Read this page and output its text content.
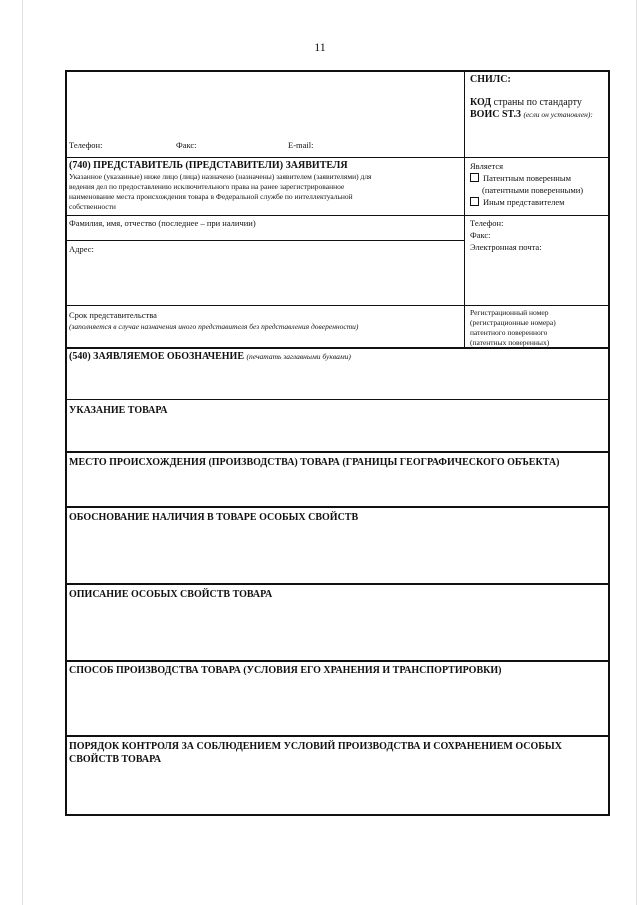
11
СНИЛС:
КОД страны по стандарту
ВОИС ST.3 (если он установлен):
Телефон:	Факс:	E-mail:
(740) ПРЕДСТАВИТЕЛЬ (ПРЕДСТАВИТЕЛИ) ЗАЯВИТЕЛЯ
Указанное (указанные) ниже лицо (лица) назначено (назначены) заявителем (заявителями) для
ведения дел по предоставлению исключительного права на ранее зарегистрированное
наименование места происхождения товара в Федеральной службе по интеллектуальной
собственности
Является
Патентным поверенным
(патентными поверенными)
Иным представителем
Фамилия, имя, отчество (последнее – при наличии)	Телефон:
Факс:
Электронная почта:
Адрес:
Срок представительства
(заполняется в случае назначения иного представителя без представления доверенности)
Регистрационный номер
(регистрационные номера)
патентного поверенного
(патентных поверенных)
(540) ЗАЯВЛЯЕМОЕ ОБОЗНАЧЕНИЕ (печатать заглавными буквами)
УКАЗАНИЕ ТОВАРА
МЕСТО ПРОИСХОЖДЕНИЯ (ПРОИЗВОДСТВА) ТОВАРА (ГРАНИЦЫ ГЕОГРАФИЧЕСКОГО ОБЪЕКТА)
ОБОСНОВАНИЕ НАЛИЧИЯ В ТОВАРЕ ОСОБЫХ СВОЙСТВ
ОПИСАНИЕ ОСОБЫХ СВОЙСТВ ТОВАРА
СПОСОБ ПРОИЗВОДСТВА ТОВАРА (УСЛОВИЯ ЕГО ХРАНЕНИЯ И ТРАНСПОРТИРОВКИ)
ПОРЯДОК КОНТРОЛЯ ЗА СОБЛЮДЕНИЕМ УСЛОВИЙ ПРОИЗВОДСТВА И СОХРАНЕНИЕМ ОСОБЫХ
СВОЙСТВ ТОВАРА
